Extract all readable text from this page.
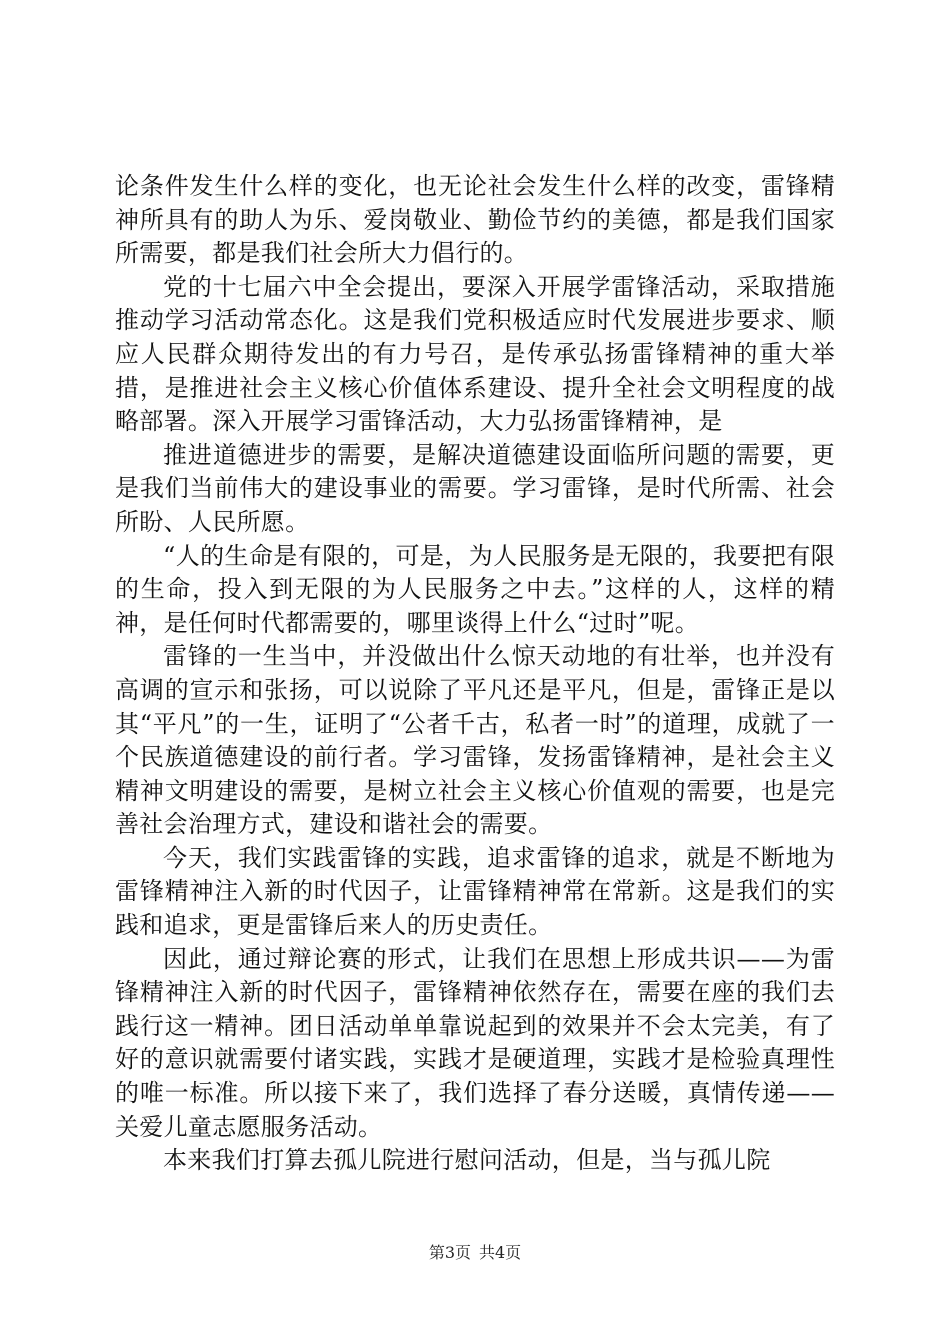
论条件发生什么样的变化，也无论社会发生什么样的改变，雷锋精神所具有的助人为乐、爱岗敬业、勤俭节约的美德，都是我们国家所需要，都是我们社会所大力倡行的。

党的十七届六中全会提出，要深入开展学雷锋活动，采取措施推动学习活动常态化。这是我们党积极适应时代发展进步要求、顺应人民群众期待发出的有力号召，是传承弘扬雷锋精神的重大举措，是推进社会主义核心价值体系建设、提升全社会文明程度的战略部署。深入开展学习雷锋活动，大力弘扬雷锋精神，是

推进道德进步的需要，是解决道德建设面临所问题的需要，更是我们当前伟大的建设事业的需要。学习雷锋，是时代所需、社会所盼、人民所愿。

“人的生命是有限的，可是，为人民服务是无限的，我要把有限的生命，投入到无限的为人民服务之中去。”这样的人，这样的精神，是任何时代都需要的，哪里谈得上什么“过时”呢。

雷锋的一生当中，并没做出什么惊天动地的有壮举，也并没有高调的宣示和张扬，可以说除了平凡还是平凡，但是，雷锋正是以其“平凡”的一生，证明了“公者千古，私者一时”的道理，成就了一个民族道德建设的前行者。学习雷锋，发扬雷锋精神，是社会主义精神文明建设的需要，是树立社会主义核心价值观的需要，也是完善社会治理方式，建设和谐社会的需要。

今天，我们实践雷锋的实践，追求雷锋的追求，就是不断地为雷锋精神注入新的时代因子，让雷锋精神常在常新。这是我们的实践和追求，更是雷锋后来人的历史责任。

因此，通过辩论赛的形式，让我们在思想上形成共识——为雷锋精神注入新的时代因子，雷锋精神依然存在，需要在座的我们去践行这一精神。团日活动单单靠说起到的效果并不会太完美，有了好的意识就需要付诸实践，实践才是硬道理，实践才是检验真理性的唯一标准。所以接下来了，我们选择了春分送暖，真情传递——关爱儿童志愿服务活动。

本来我们打算去孤儿院进行慰问活动，但是，当与孤儿院

第3页 共4页
